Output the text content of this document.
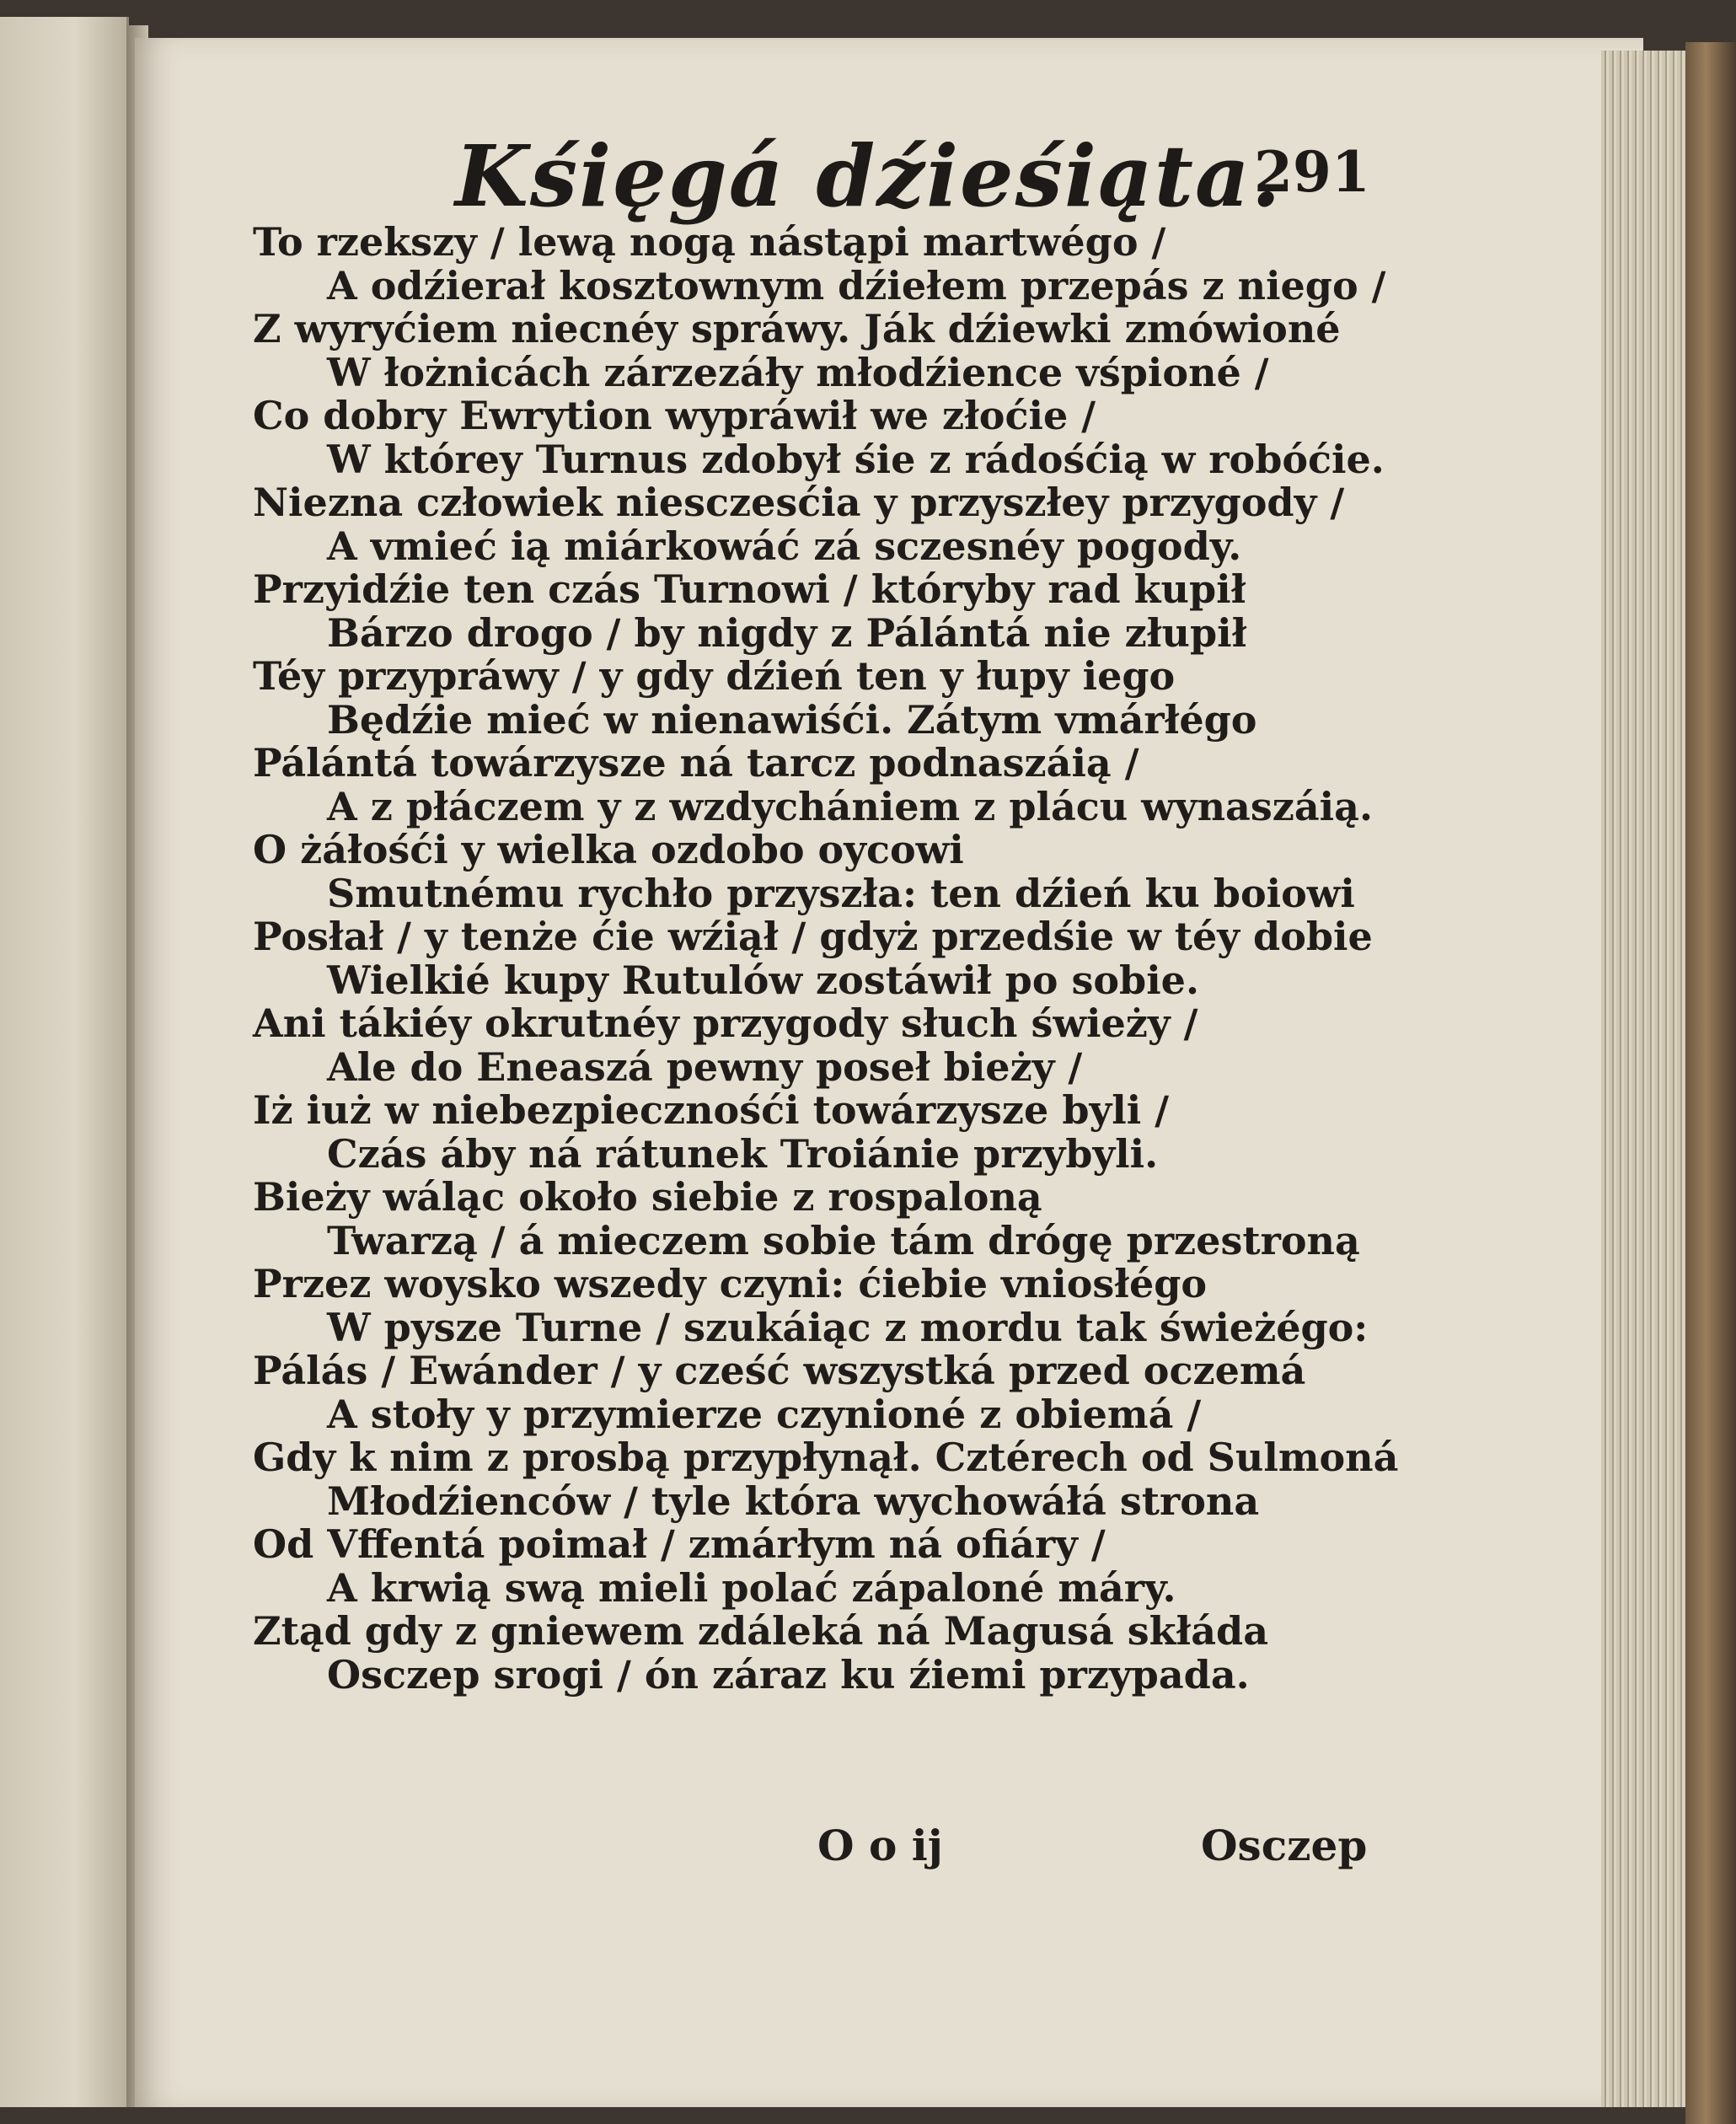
Kśięgá dźieśiąta.
291
To rzekszy / lewą nogą nástąpi martwégo /
A odźierał kosztownym dźiełem przepás z niego /
Z wyryćiem niecnéy spráwy. Ják dźiewki zmówioné
W łożnicách zárzezáły młodźience vśpioné /
Co dobry Ewrytion wypráwił we złoćie /
W którey Turnus zdobył śie z rádośćią w robóćie.
Niezna człowiek niesczesćia y przyszłey przygody /
A vmieć ią miárkowáć zá sczesnéy pogody.
Przyidźie ten czás Turnowi / któryby rad kupił
Bárzo drogo / by nigdy z Pálántá nie złupił
Téy przypráwy / y gdy dźień ten y łupy iego
Będźie mieć w nienawiśći. Zátym vmárłégo
Pálántá towárzysze ná tarcz podnaszáią /
A z płáczem y z wzdychániem z plácu wynaszáią.
O żáłośći y wielka ozdobo oycowi
Smutnému rychło przyszła: ten dźień ku boiowi
Posłał / y tenże ćie wźiął / gdyż przedśie w téy dobie
Wielkié kupy Rutulów zostáwił po sobie.
Ani tákiéy okrutnéy przygody słuch świeży /
Ale do Eneaszá pewny poseł bieży /
Iż iuż w niebezpiecznośći towárzysze byli /
Czás áby ná rátunek Troiánie przybyli.
Bieży wáląc około siebie z rospaloną
Twarzą / á mieczem sobie tám drógę przestroną
Przez woysko wszedy czyni: ćiebie vniosłégo
W pysze Turne / szukáiąc z mordu tak świeżégo:
Pálás / Ewánder / y cześć wszystká przed oczemá
A stoły y przymierze czynioné z obiemá /
Gdy k nim z prosbą przypłynął. Cztérech od Sulmoná
Młodźienców / tyle która wychowáłá strona
Od Vffentá poimał / zmárłym ná ofiáry /
A krwią swą mieli polać zápaloné máry.
Ztąd gdy z gniewem zdáleká ná Magusá skłáda
Osczep srogi / ón záraz ku źiemi przypada.
O o ij	Osczep
